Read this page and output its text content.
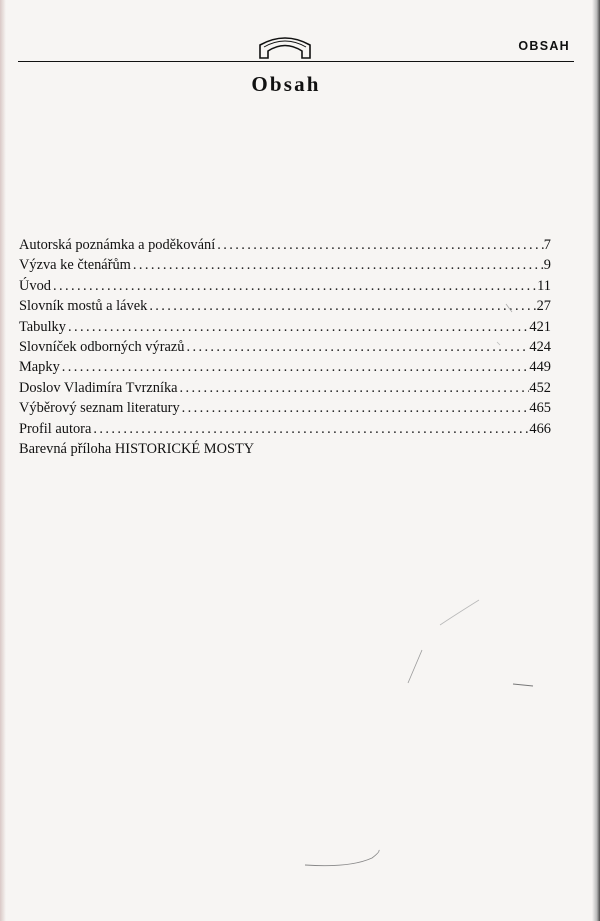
OBSAH
Obsah
Autorská poznámka a poděkování . . .	7
Výzva ke čtenářům . . .	9
Úvod . . .	11
Slovník mostů a lávek . . .	27
Tabulky . . .	421
Slovníček odborných výrazů . . .	424
Mapky . . .	449
Doslov Vladimíra Tvrzníka . . .	452
Výběrový seznam literatury . . .	465
Profil autora . . .	466
Barevná příloha HISTORICKÉ MOSTY
